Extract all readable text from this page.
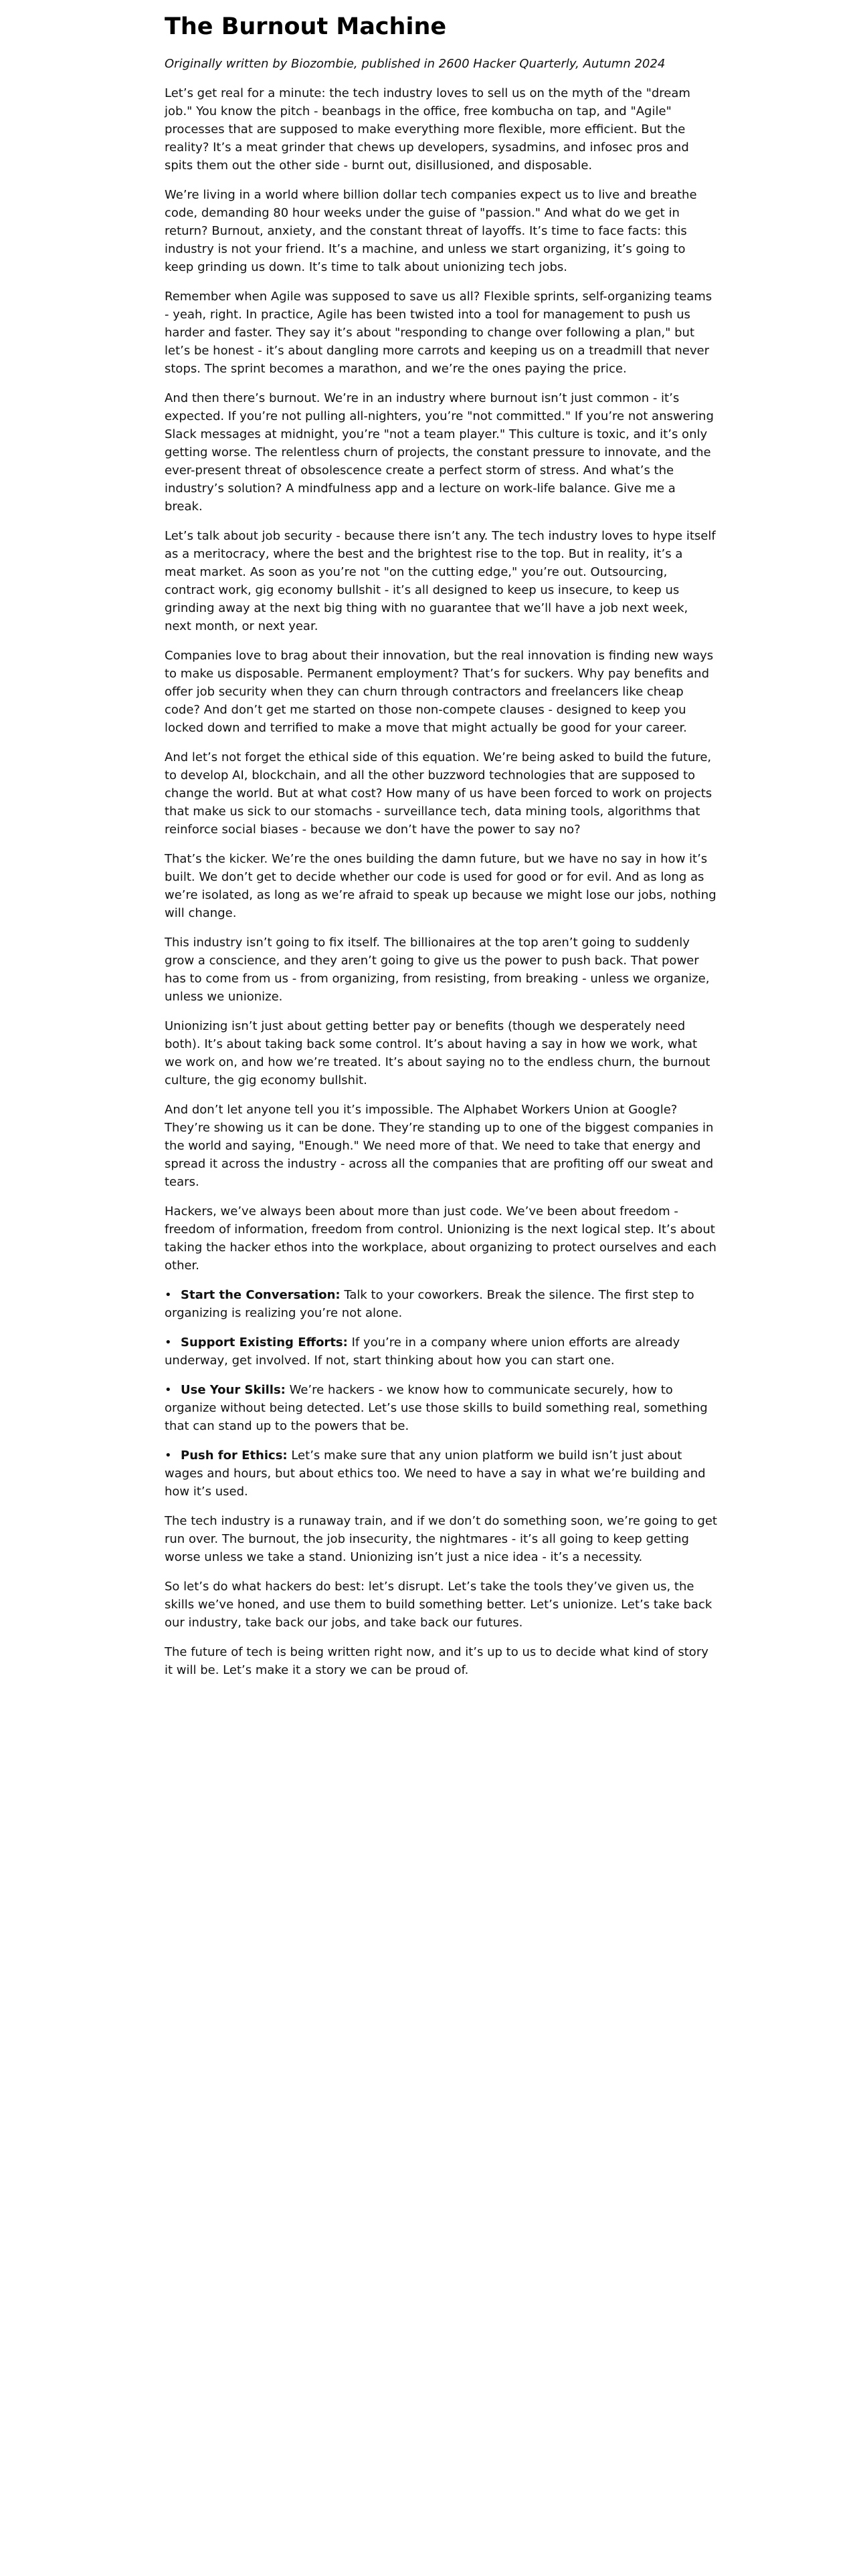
The Burnout Machine

Originally written by Biozombie, published in 2600 Hacker Quarterly, Autumn 2024

Let’s get real for a minute: the tech industry loves to sell us on the myth of the "dream job." You know the pitch - beanbags in the office, free kombucha on tap, and "Agile" processes that are supposed to make everything more flexible, more efficient. But the reality? It’s a meat grinder that chews up developers, sysadmins, and infosec pros and spits them out the other side - burnt out, disillusioned, and disposable.

We’re living in a world where billion dollar tech companies expect us to live and breathe code, demanding 80 hour weeks under the guise of "passion." And what do we get in return? Burnout, anxiety, and the constant threat of layoffs. It’s time to face facts: this industry is not your friend. It’s a machine, and unless we start organizing, it’s going to keep grinding us down. It’s time to talk about unionizing tech jobs.

Remember when Agile was supposed to save us all? Flexible sprints, self-organizing teams - yeah, right. In practice, Agile has been twisted into a tool for management to push us harder and faster. They say it’s about "responding to change over following a plan," but let’s be honest - it’s about dangling more carrots and keeping us on a treadmill that never stops. The sprint becomes a marathon, and we’re the ones paying the price.

And then there’s burnout. We’re in an industry where burnout isn’t just common - it’s expected. If you’re not pulling all-nighters, you’re "not committed." If you’re not answering Slack messages at midnight, you’re "not a team player." This culture is toxic, and it’s only getting worse. The relentless churn of projects, the constant pressure to innovate, and the ever-present threat of obsolescence create a perfect storm of stress. And what’s the industry’s solution? A mindfulness app and a lecture on work-life balance. Give me a break.

Let’s talk about job security - because there isn’t any. The tech industry loves to hype itself as a meritocracy, where the best and the brightest rise to the top. But in reality, it’s a meat market. As soon as you’re not "on the cutting edge," you’re out. Outsourcing, contract work, gig economy bullshit - it’s all designed to keep us insecure, to keep us grinding away at the next big thing with no guarantee that we’ll have a job next week, next month, or next year.

Companies love to brag about their innovation, but the real innovation is finding new ways to make us disposable. Permanent employment? That’s for suckers. Why pay benefits and offer job security when they can churn through contractors and freelancers like cheap code? And don’t get me started on those non-compete clauses - designed to keep you locked down and terrified to make a move that might actually be good for your career.

And let’s not forget the ethical side of this equation. We’re being asked to build the future, to develop AI, blockchain, and all the other buzzword technologies that are supposed to change the world. But at what cost? How many of us have been forced to work on projects that make us sick to our stomachs - surveillance tech, data mining tools, algorithms that reinforce social biases - because we don’t have the power to say no?

That’s the kicker. We’re the ones building the damn future, but we have no say in how it’s built. We don’t get to decide whether our code is used for good or for evil. And as long as we’re isolated, as long as we’re afraid to speak up because we might lose our jobs, nothing will change.

This industry isn’t going to fix itself. The billionaires at the top aren’t going to suddenly grow a conscience, and they aren’t going to give us the power to push back. That power has to come from us - from organizing, from resisting, from breaking - unless we organize, unless we unionize.

Unionizing isn’t just about getting better pay or benefits (though we desperately need both). It’s about taking back some control. It’s about having a say in how we work, what we work on, and how we’re treated. It’s about saying no to the endless churn, the burnout culture, the gig economy bullshit.

And don’t let anyone tell you it’s impossible. The Alphabet Workers Union at Google? They’re showing us it can be done. They’re standing up to one of the biggest companies in the world and saying, "Enough." We need more of that. We need to take that energy and spread it across the industry - across all the companies that are profiting off our sweat and tears.

Hackers, we’ve always been about more than just code. We’ve been about freedom - freedom of information, freedom from control. Unionizing is the next logical step. It’s about taking the hacker ethos into the workplace, about organizing to protect ourselves and each other.

• Start the Conversation: Talk to your coworkers. Break the silence. The first step to organizing is realizing you’re not alone.
• Support Existing Efforts: If you’re in a company where union efforts are already underway, get involved. If not, start thinking about how you can start one.
• Use Your Skills: We’re hackers - we know how to communicate securely, how to organize without being detected. Let’s use those skills to build something real, something that can stand up to the powers that be.
• Push for Ethics: Let’s make sure that any union platform we build isn’t just about wages and hours, but about ethics too. We need to have a say in what we’re building and how it’s used.

The tech industry is a runaway train, and if we don’t do something soon, we’re going to get run over. The burnout, the job insecurity, the nightmares - it’s all going to keep getting worse unless we take a stand. Unionizing isn’t just a nice idea - it’s a necessity.

So let’s do what hackers do best: let’s disrupt. Let’s take the tools they’ve given us, the skills we’ve honed, and use them to build something better. Let’s unionize. Let’s take back our industry, take back our jobs, and take back our futures.

The future of tech is being written right now, and it’s up to us to decide what kind of story it will be. Let’s make it a story we can be proud of.
